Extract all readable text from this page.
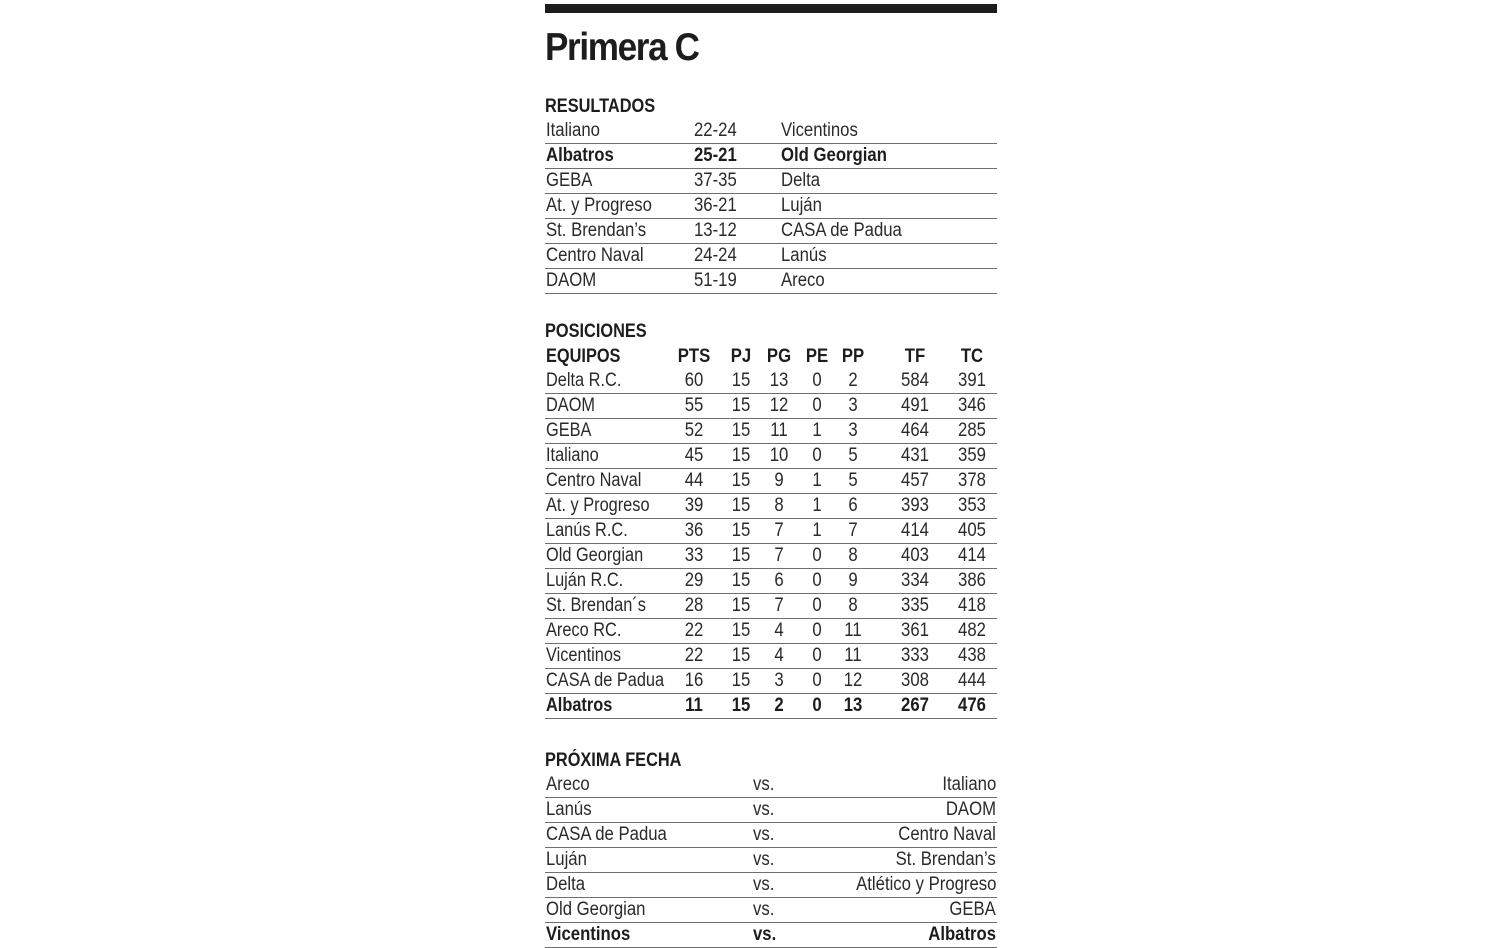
Primera C
RESULTADOS
Italiano	22-24 Vicentinos
Albatros	25-21 Old Georgian
GEBA	37-35 Delta
At. y Progreso 36-21 Luján
St. Brendan’s	13-12 CASA de Padua
Centro Naval	24-24 Lanús
DAOM	51-19 Areco
POSICIONES
EQUIPOS	PTS	PJ PG PE PP	TF	TC
Delta R.C.	60	15	13	0	2	584	391
DAOM	55	15	12	0	3	491	346
GEBA	52	15	11	1	3	464	285
Italiano	45	15	10	0	5	431	359
Centro Naval	44	15	9	1	5	457	378
At. y Progreso	39	15	8	1	6	393	353
Lanús R.C.	36	15	7	1	7	414	405
Old Georgian	33	15	7	0	8	403	414
Luján R.C.	29	15	6	0	9	334	386
St. Brendan´s	28	15	7	0	8	335	418
Areco RC.	22	15	4	0	11	361	482
Vicentinos	22	15	4	0	11	333	438
CASA de Padua	16	15	3	0	12	308	444
Albatros	11	15	2	0	13	267	476
PRÓXIMA FECHA
Areco	vs.	Italiano
Lanús	vs.	DAOM
CASA de Padua	vs.	Centro Naval
Luján	vs.	St. Brendan’s
Delta	vs.	Atlético y Progreso
Old Georgian	vs.	GEBA
Vicentinos	vs.	Albatros
